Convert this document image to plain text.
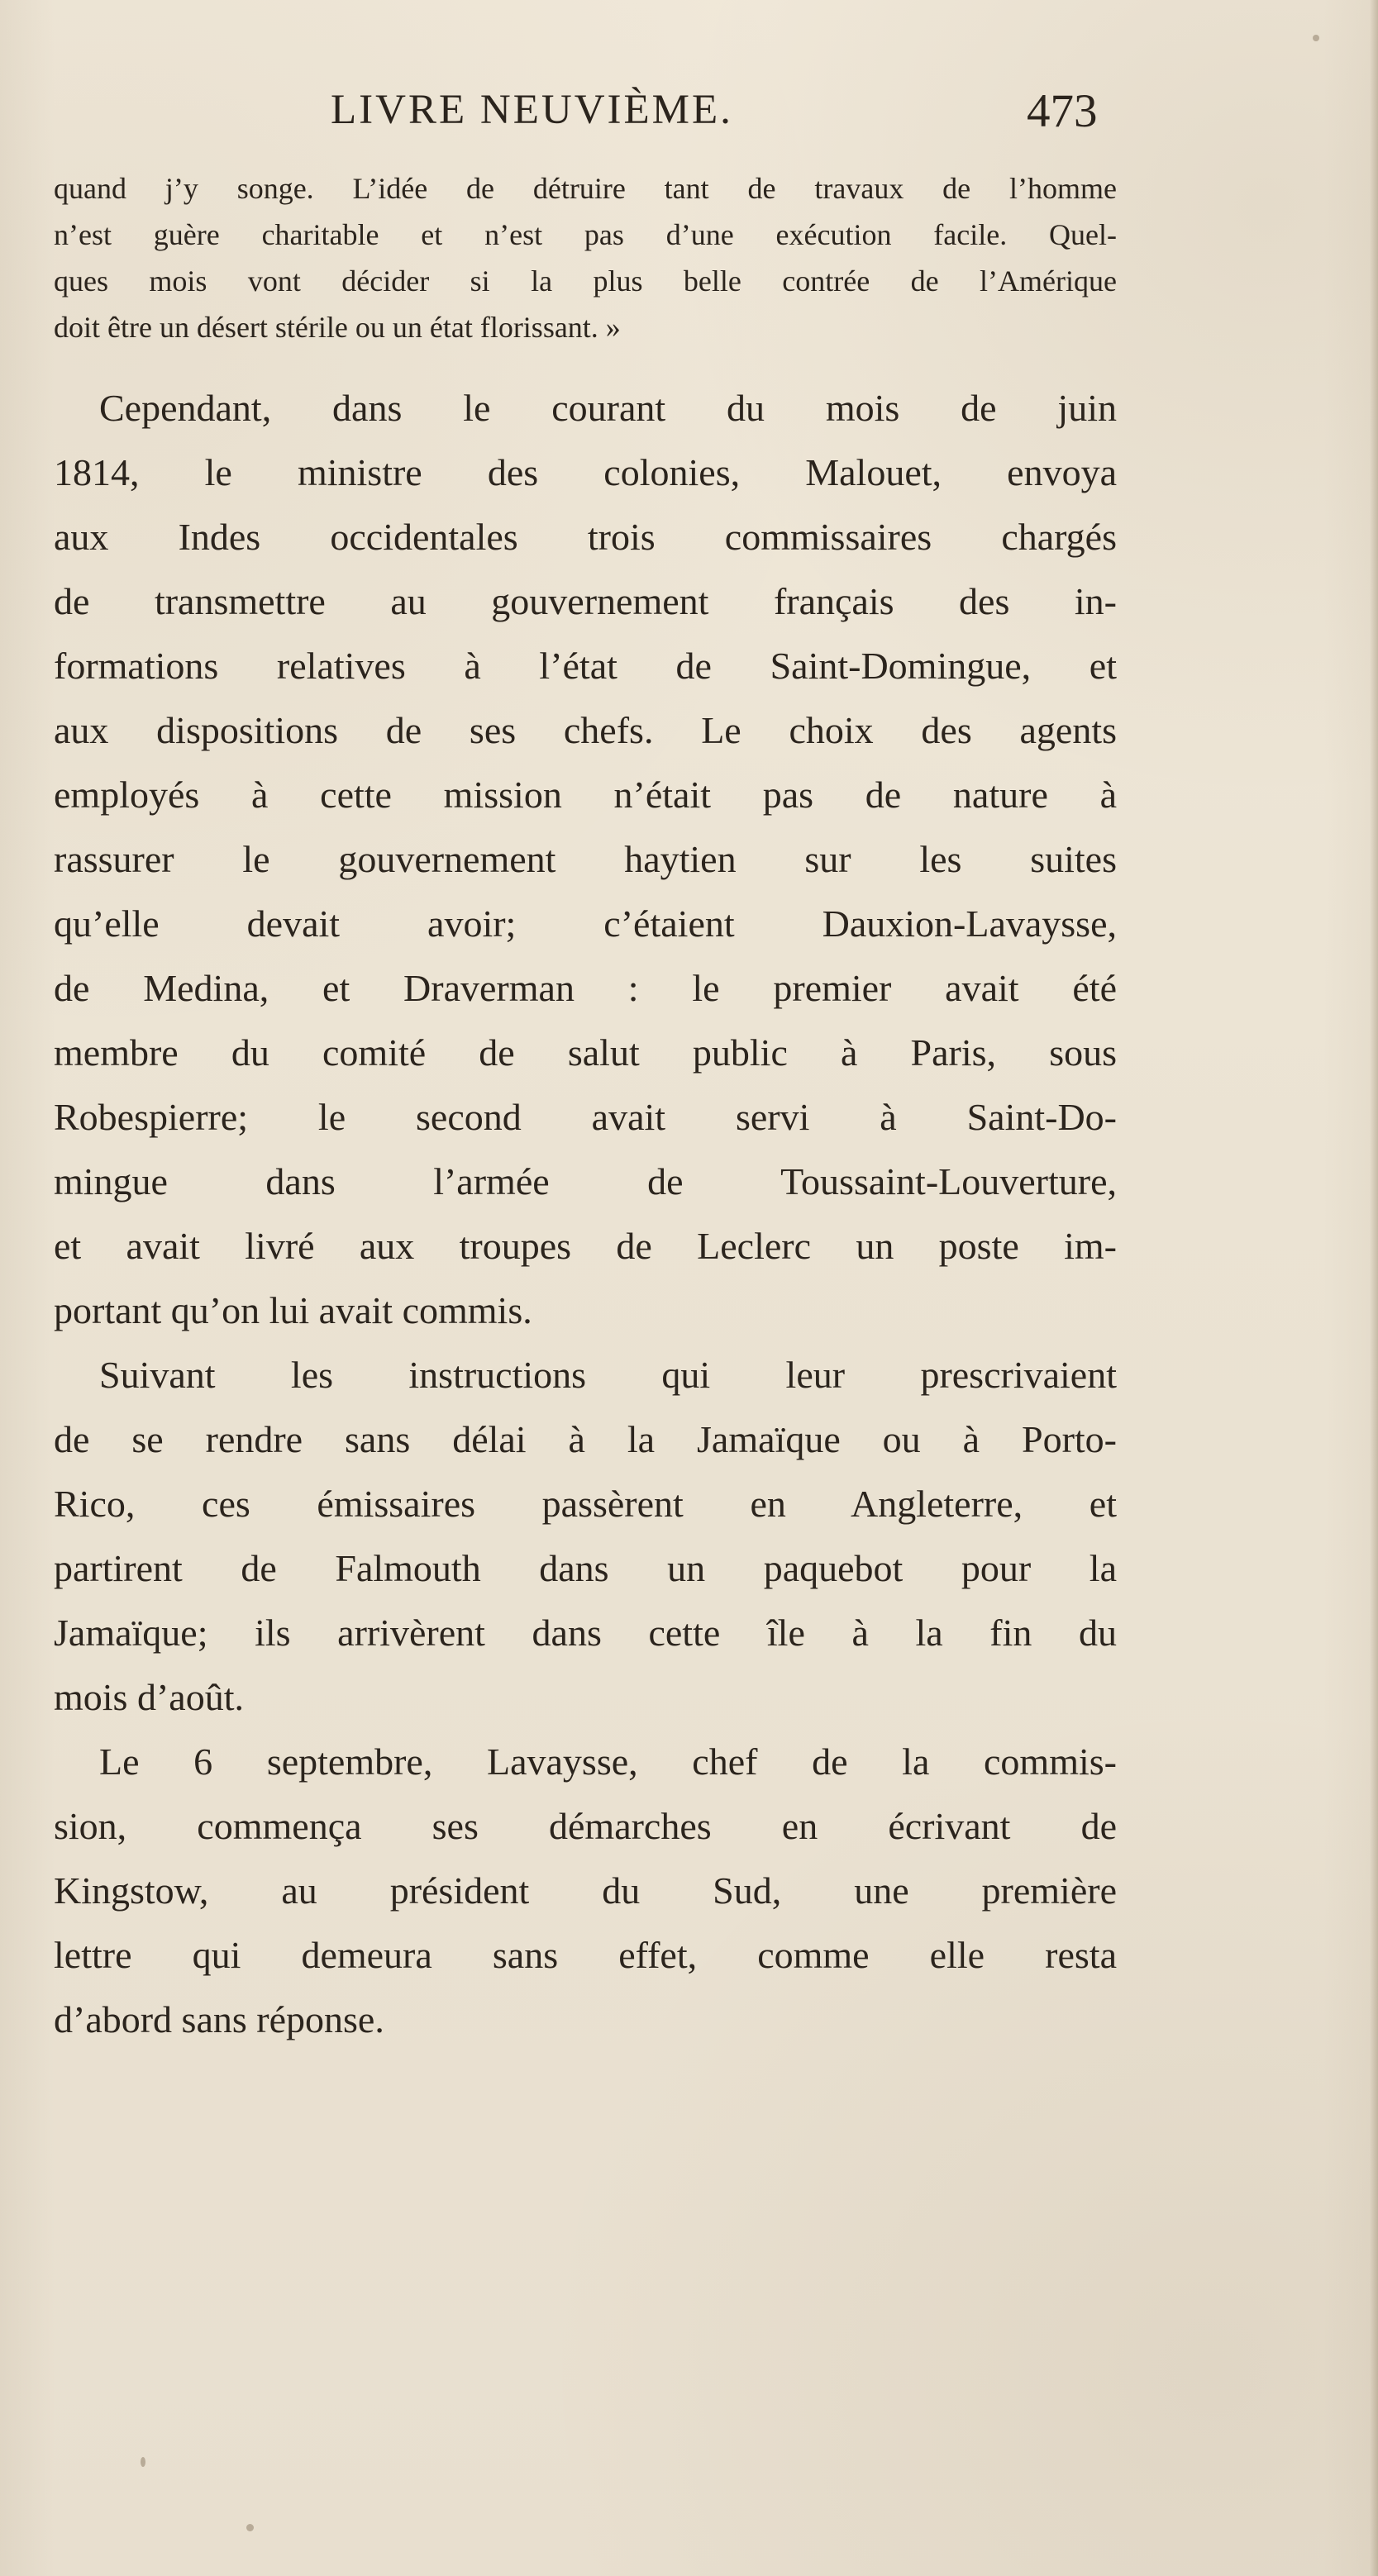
LIVRE NEUVIÈME.	473
quand j’y songe. L’idée de détruire tant de travaux de l’homme
n’est guère charitable et n’est pas d’une exécution facile. Quel-
ques mois vont décider si la plus belle contrée de l’Amérique
doit être un désert stérile ou un état florissant. »
Cependant, dans le courant du mois de juin
1814, le ministre des colonies, Malouet, envoya
aux Indes occidentales trois commissaires chargés
de transmettre au gouvernement français des in-
formations relatives à l’état de Saint-Domingue, et
aux dispositions de ses chefs. Le choix des agents
employés à cette mission n’était pas de nature à
rassurer le gouvernement haytien sur les suites
qu’elle devait avoir; c’étaient Dauxion-Lavaysse,
de Medina, et Draverman : le premier avait été
membre du comité de salut public à Paris, sous
Robespierre; le second avait servi à Saint-Do-
mingue dans l’armée de Toussaint-Louverture,
et avait livré aux troupes de Leclerc un poste im-
portant qu’on lui avait commis.
Suivant les instructions qui leur prescrivaient
de se rendre sans délai à la Jamaïque ou à Porto-
Rico, ces émissaires passèrent en Angleterre, et
partirent de Falmouth dans un paquebot pour la
Jamaïque; ils arrivèrent dans cette île à la fin du
mois d’août.
Le 6 septembre, Lavaysse, chef de la commis-
sion, commença ses démarches en écrivant de
Kingstow, au président du Sud, une première
lettre qui demeura sans effet, comme elle resta
d’abord sans réponse.
